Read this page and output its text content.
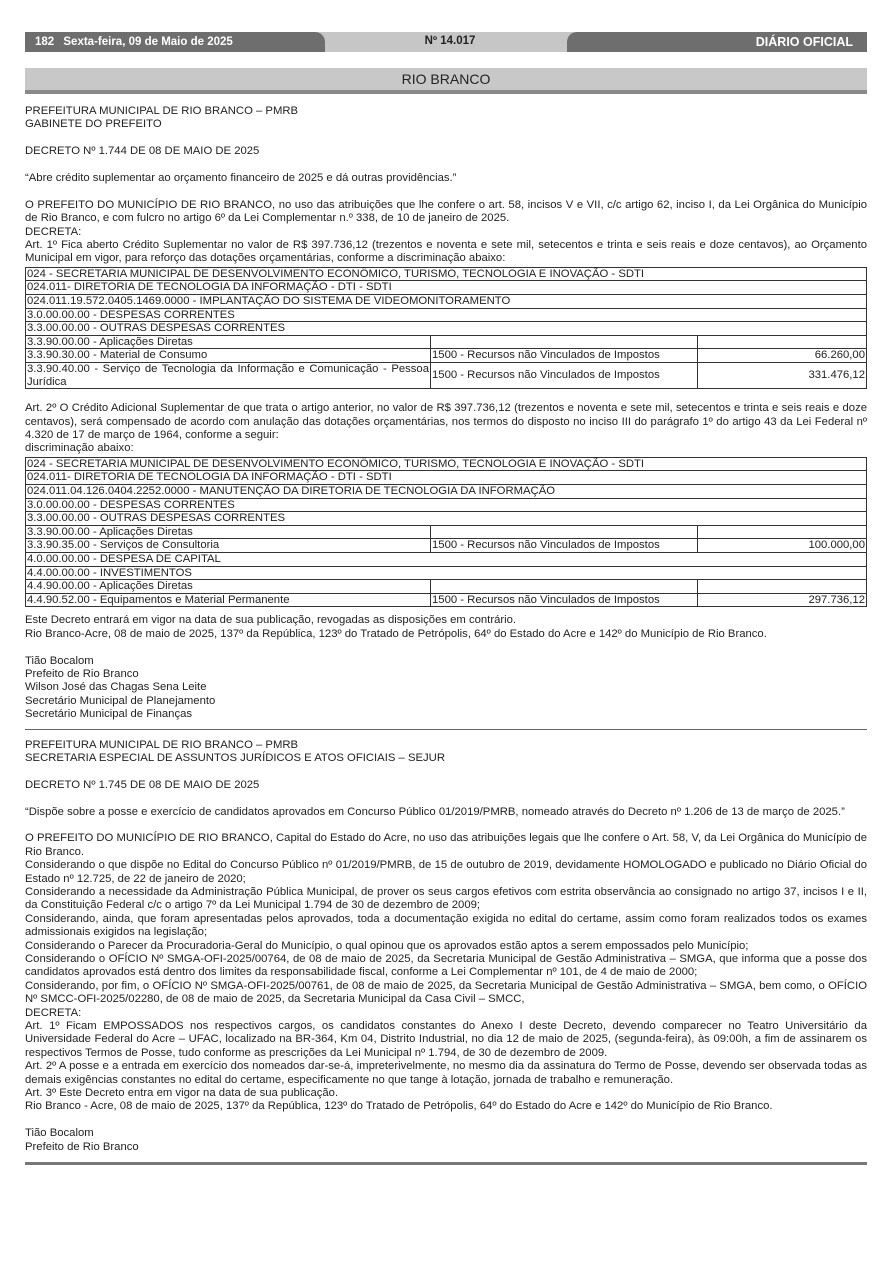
182 Sexta-feira, 09 de Maio de 2025	Nº 14.017	DIÁRIO OFICIAL
RIO BRANCO

PREFEITURA MUNICIPAL DE RIO BRANCO – PMRB

GABINETE DO PREFEITO

DECRETO Nº 1.744 DE 08 DE MAIO DE 2025

“Abre crédito suplementar ao orçamento financeiro de 2025 e dá outras providências.”

O PREFEITO DO MUNICÍPIO DE RIO BRANCO, no uso das atribuições que lhe confere o art. 58, incisos V e VII, c/c artigo 62, inciso I, da Lei Orgânica do Município de Rio Branco, e com fulcro no artigo 6º da Lei Complementar n.º 338, de 10 de janeiro de 2025.

DECRETA:

Art. 1º Fica aberto Crédito Suplementar no valor de R$ 397.736,12 (trezentos e noventa e sete mil, setecentos e trinta e seis reais e doze centavos), ao Orçamento Municipal em vigor, para reforço das dotações orçamentárias, conforme a discriminação abaixo:

024 - SECRETARIA MUNICIPAL DE DESENVOLVIMENTO ECONÔMICO, TURISMO, TECNOLOGIA E INOVAÇÃO - SDTI		
024.011- DIRETORIA DE TECNOLOGIA DA INFORMAÇÃO - DTI - SDTI		
024.011.19.572.0405.1469.0000 - IMPLANTAÇÃO DO SISTEMA DE VIDEOMONITORAMENTO		
3.0.00.00.00 - DESPESAS CORRENTES		
3.3.00.00.00 - OUTRAS DESPESAS CORRENTES		
3.3.90.00.00 - Aplicações Diretas		
3.3.90.30.00 - Material de Consumo	1500 - Recursos não Vinculados de Impostos	66.260,00
3.3.90.40.00 - Serviço de Tecnologia da Informação e Comunicação - Pessoa Jurídica	1500 - Recursos não Vinculados de Impostos	331.476,12

Art. 2º O Crédito Adicional Suplementar de que trata o artigo anterior, no valor de R$ 397.736,12 (trezentos e noventa e sete mil, setecentos e trinta e seis reais e doze centavos), será compensado de acordo com anulação das dotações orçamentárias, nos termos do disposto no inciso III do parágrafo 1º do artigo 43 da Lei Federal nº 4.320 de 17 de março de 1964, conforme a seguir:

discriminação abaixo:

024 - SECRETARIA MUNICIPAL DE DESENVOLVIMENTO ECONÔMICO, TURISMO, TECNOLOGIA E INOVAÇÃO - SDTI		
024.011- DIRETORIA DE TECNOLOGIA DA INFORMAÇÃO - DTI - SDTI		
024.011.04.126.0404.2252.0000 - MANUTENÇÃO DA DIRETORIA DE TECNOLOGIA DA INFORMAÇÃO		
3.0.00.00.00 - DESPESAS CORRENTES		
3.3.00.00.00 - OUTRAS DESPESAS CORRENTES		
3.3.90.00.00 - Aplicações Diretas		
3.3.90.35.00 - Serviços de Consultoria	1500 - Recursos não Vinculados de Impostos	100.000,00
4.0.00.00.00 - DESPESA DE CAPITAL		
4.4.00.00.00 - INVESTIMENTOS		
4.4.90.00.00 - Aplicações Diretas		
4.4.90.52.00 - Equipamentos e Material Permanente	1500 - Recursos não Vinculados de Impostos	297.736,12

Este Decreto entrará em vigor na data de sua publicação, revogadas as disposições em contrário.

Rio Branco-Acre, 08 de maio de 2025, 137º da República, 123º do Tratado de Petrópolis, 64º do Estado do Acre e 142º do Município de Rio Branco.

Tião Bocalom

Prefeito de Rio Branco

Wilson José das Chagas Sena Leite

Secretário Municipal de Planejamento

Secretário Municipal de Finanças

PREFEITURA MUNICIPAL DE RIO BRANCO – PMRB

SECRETARIA ESPECIAL DE ASSUNTOS JURÍDICOS E ATOS OFICIAIS – SEJUR

DECRETO Nº 1.745 DE 08 DE MAIO DE 2025

“Dispõe sobre a posse e exercício de candidatos aprovados em Concurso Público 01/2019/PMRB, nomeado através do Decreto nº 1.206 de 13 de março de 2025.”

O PREFEITO DO MUNICÍPIO DE RIO BRANCO, Capital do Estado do Acre, no uso das atribuições legais que lhe confere o Art. 58, V, da Lei Orgânica do Município de Rio Branco.

Considerando o que dispõe no Edital do Concurso Público nº 01/2019/PMRB, de 15 de outubro de 2019, devidamente HOMOLOGADO e publicado no Diário Oficial do Estado nº 12.725, de 22 de janeiro de 2020;

Considerando a necessidade da Administração Pública Municipal, de prover os seus cargos efetivos com estrita observância ao consignado no artigo 37, incisos I e II, da Constituição Federal c/c o artigo 7º da Lei Municipal 1.794 de 30 de dezembro de 2009;

Considerando, ainda, que foram apresentadas pelos aprovados, toda a documentação exigida no edital do certame, assim como foram realizados todos os exames admissionais exigidos na legislação;

Considerando o Parecer da Procuradoria-Geral do Município, o qual opinou que os aprovados estão aptos a serem empossados pelo Município;

Considerando o OFÍCIO Nº SMGA-OFI-2025/00764, de 08 de maio de 2025, da Secretaria Municipal de Gestão Administrativa – SMGA, que informa que a posse dos candidatos aprovados está dentro dos limites da responsabilidade fiscal, conforme a Lei Complementar nº 101, de 4 de maio de 2000;

Considerando, por fim, o OFÍCIO Nº SMGA-OFI-2025/00761, de 08 de maio de 2025, da Secretaria Municipal de Gestão Administrativa – SMGA, bem como, o OFÍCIO Nº SMCC-OFI-2025/02280, de 08 de maio de 2025, da Secretaria Municipal da Casa Civil – SMCC,

DECRETA:

Art. 1º Ficam EMPOSSADOS nos respectivos cargos, os candidatos constantes do Anexo I deste Decreto, devendo comparecer no Teatro Universitário da Universidade Federal do Acre – UFAC, localizado na BR-364, Km 04, Distrito Industrial, no dia 12 de maio de 2025, (segunda-feira), às 09:00h, a fim de assinarem os respectivos Termos de Posse, tudo conforme as prescrições da Lei Municipal nº 1.794, de 30 de dezembro de 2009.

Art. 2º A posse e a entrada em exercício dos nomeados dar-se-á, impreterivelmente, no mesmo dia da assinatura do Termo de Posse, devendo ser observada todas as demais exigências constantes no edital do certame, especificamente no que tange à lotação, jornada de trabalho e remuneração.

Art. 3º Este Decreto entra em vigor na data de sua publicação.

Rio Branco - Acre, 08 de maio de 2025, 137º da República, 123º do Tratado de Petrópolis, 64º do Estado do Acre e 142º do Município de Rio Branco.

Tião Bocalom

Prefeito de Rio Branco
